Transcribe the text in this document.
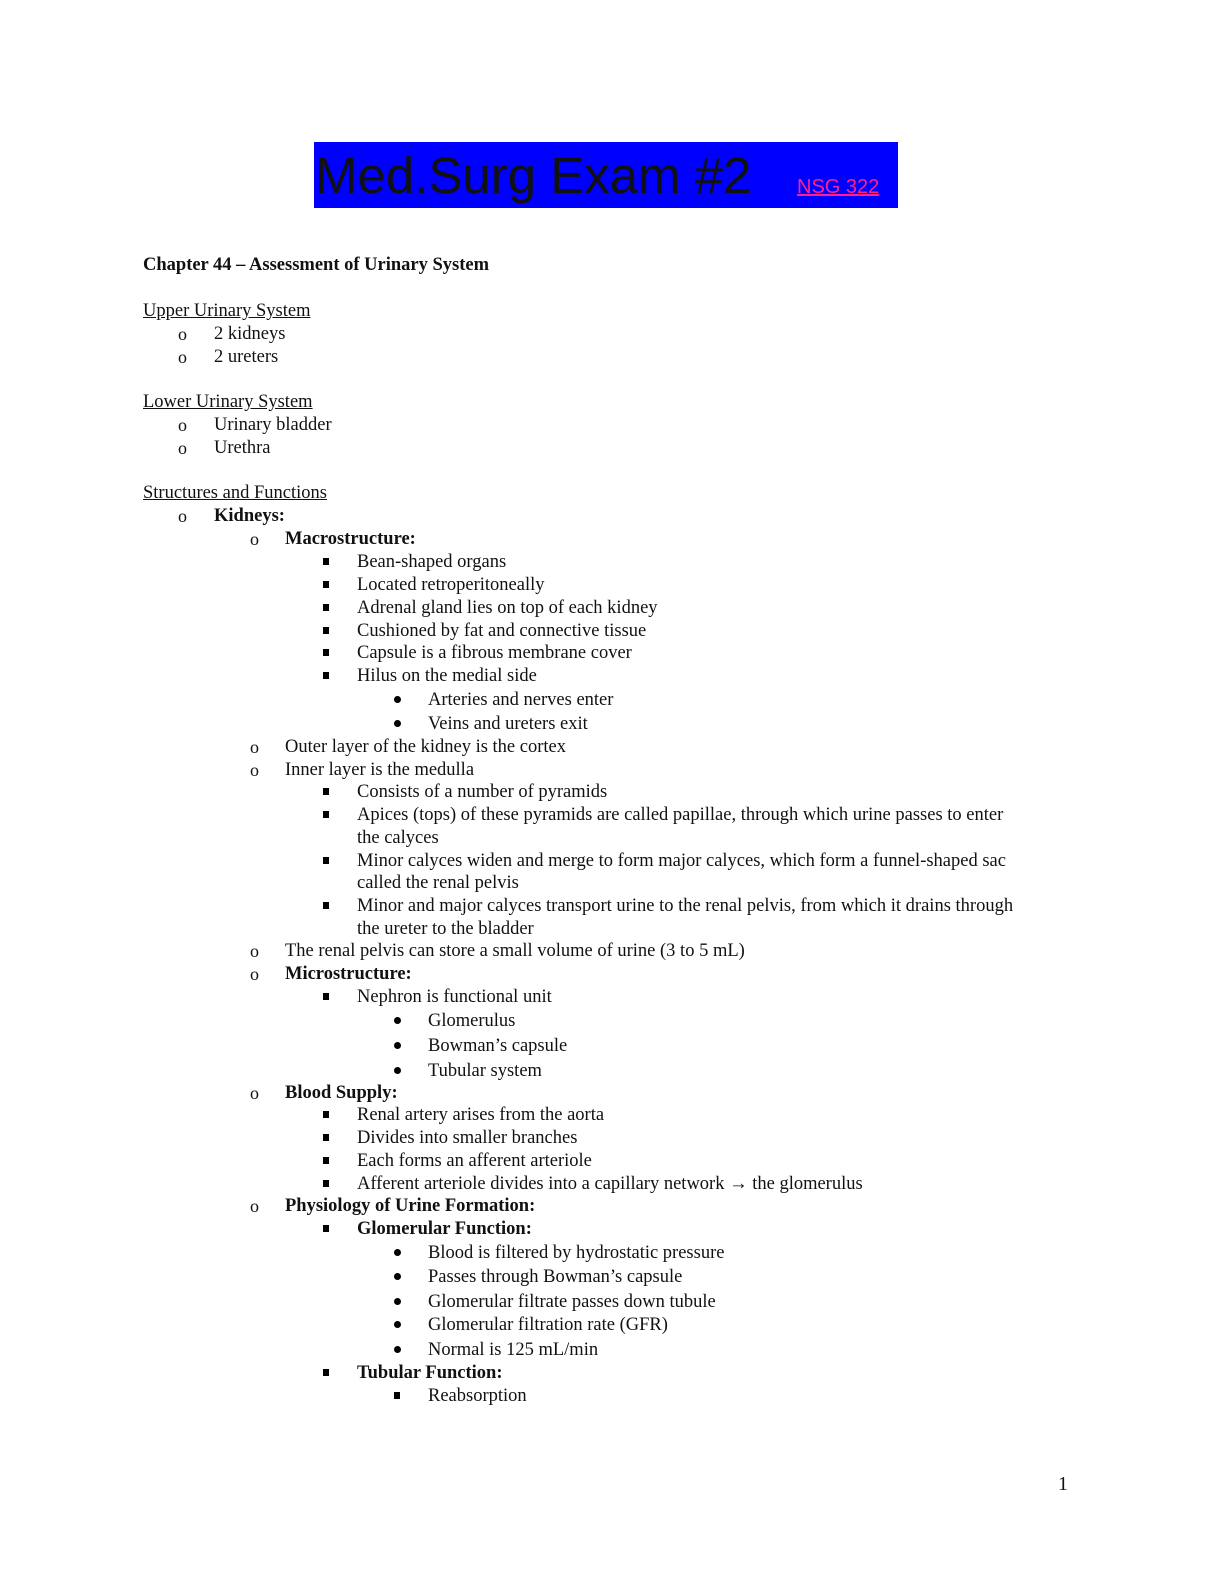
Med.Surg Exam #2 NSG 322
Chapter 44 – Assessment of Urinary System
Upper Urinary System
o 2 kidneys
o 2 ureters
Lower Urinary System
o Urinary bladder
o Urethra
Structures and Functions
o Kidneys:
o Macrostructure:
Bean-shaped organs
Located retroperitoneally
Adrenal gland lies on top of each kidney
Cushioned by fat and connective tissue
Capsule is a fibrous membrane cover
Hilus on the medial side
Arteries and nerves enter
Veins and ureters exit
o Outer layer of the kidney is the cortex
o Inner layer is the medulla
Consists of a number of pyramids
Apices (tops) of these pyramids are called papillae, through which urine passes to enter
the calyces
Minor calyces widen and merge to form major calyces, which form a funnel-shaped sac
called the renal pelvis
Minor and major calyces transport urine to the renal pelvis, from which it drains through
the ureter to the bladder
o The renal pelvis can store a small volume of urine (3 to 5 mL)
o Microstructure:
Nephron is functional unit
Glomerulus
Bowman’s capsule
Tubular system
o Blood Supply:
Renal artery arises from the aorta
Divides into smaller branches
Each forms an afferent arteriole
Afferent arteriole divides into a capillary network → the glomerulus
o Physiology of Urine Formation:
Glomerular Function:
Blood is filtered by hydrostatic pressure
Passes through Bowman’s capsule
Glomerular filtrate passes down tubule
Glomerular filtration rate (GFR)
Normal is 125 mL/min
Tubular Function:
Reabsorption
1
